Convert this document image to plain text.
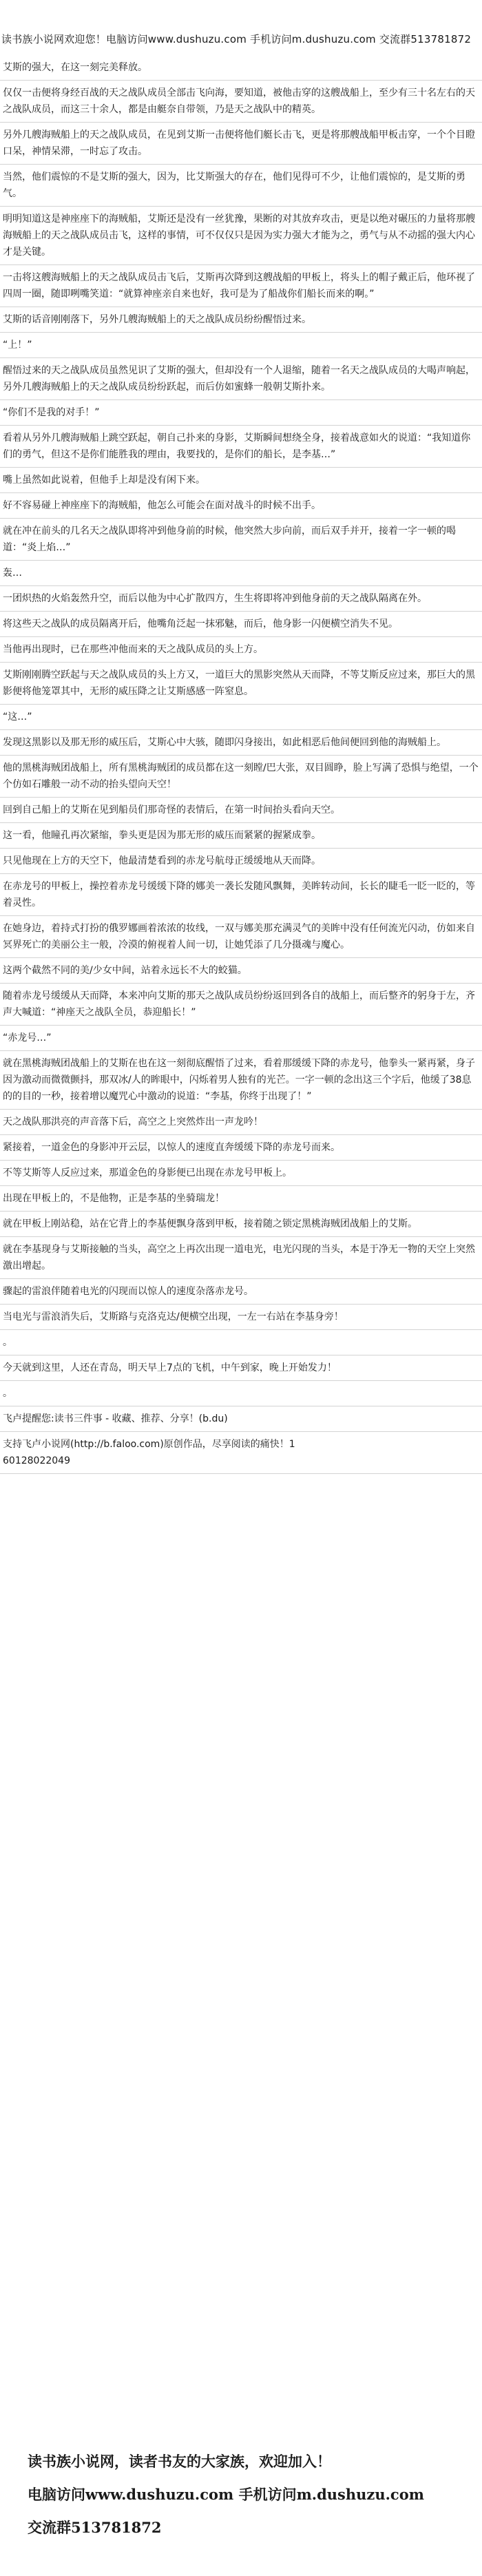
读书族小说网欢迎您！电脑访问www.dushuzu.com 手机访问m.dushuzu.com 交流群513781872
艾斯的强大，在这一刻完美释放。
仅仅一击便将身经百战的天之战队成员全部击飞向海，要知道，被他击穿的这艘战船上，至少有三十名左右的天之战队成员，而这三十余人，都是由艇奈自带领，乃是天之战队中的精英。
另外几艘海贼船上的天之战队成员，在见到艾斯一击便将他们艇长击飞，更是将那艘战船甲板击穿，一个个目瞪口呆，神情呆滞，一时忘了攻击。
当然，他们震惊的不是艾斯的强大，因为，比艾斯强大的存在，他们见得可不少，让他们震惊的，是艾斯的勇气。
明明知道这是神座座下的海贼船，艾斯还是没有一丝犹豫，果断的对其放弃攻击，更是以绝对碾压的力量将那艘海贼船上的天之战队成员击飞，这样的事情，可不仅仅只是因为实力强大才能为之，勇气与从不动摇的强大内心才是关键。
一击将这艘海贼船上的天之战队成员击飞后，艾斯再次降到这艘战船的甲板上，将头上的帽子戴正后，他环视了四周一圈，随即咧嘴笑道：“就算神座亲自来也好，我可是为了船战你们船长而来的啊。”
艾斯的话音刚刚落下，另外几艘海贼船上的天之战队成员纷纷醒悟过来。
“上！”
醒悟过来的天之战队成员虽然见识了艾斯的强大，但却没有一个人退缩，随着一名天之战队成员的大喝声响起，另外几艘海贼船上的天之战队成员纷纷跃起，而后仿如蜜蜂一般朝艾斯扑来。
“你们不是我的对手！”
看着从另外几艘海贼船上跳空跃起，朝自己扑来的身影，艾斯瞬间想绕全身，接着战意如火的说道：“我知道你们的勇气，但这不是你们能胜我的理由，我要找的，是你们的船长，是李基…”
嘴上虽然如此说着，但他手上却是没有闲下来。
好不容易碰上神座座下的海贼船，他怎么可能会在面对战斗的时候不出手。
就在冲在前头的几名天之战队即将冲到他身前的时候，他突然大步向前，而后双手并开，接着一字一顿的喝道：“炎上焰…”
轰…
一团炽热的火焰轰然升空，而后以他为中心扩散四方，生生将即将冲到他身前的天之战队隔离在外。
将这些天之战队的成员隔离开后，他嘴角泛起一抹邪魅，而后，他身影一闪便横空消失不见。
当他再出现时，已在那些冲他而来的天之战队成员的头上方。
艾斯刚刚腾空跃起与天之战队成员的头上方又，一道巨大的黑影突然从天而降，不等艾斯反应过来，那巨大的黑影便将他笼罩其中，无形的威压降之让艾斯感感一阵窒息。
“这…”
发现这黑影以及那无形的威压后，艾斯心中大骇，随即闪身接出，如此相恶后他间便回到他的海贼船上。
他的黑桃海贼团战船上，所有黑桃海贼团的成员都在这一刻瞠/巴大张，双目圆睁，脸上写满了恐惧与绝望，一个个仿如石雕般一动不动的抬头望向天空！
回到自己船上的艾斯在见到船员们那奇怪的表情后，在第一时间抬头看向天空。
这一看，他瞳孔再次紧缩，拳头更是因为那无形的威压而紧紧的握紧成拳。
只见他现在上方的天空下，他最清楚看到的赤龙号航母正缓缓地从天而降。
在赤龙号的甲板上，操控着赤龙号缓缓下降的娜美一袭长发随风飘舞，美眸转动间，长长的睫毛一眨一眨的，等着灵性。
在她身边，着持式打扮的俄罗娜画着浓浓的妆线，一双与娜美那充满灵气的美眸中没有任何流光闪动，仿如来自冥界死亡的美丽公主一般，冷漠的俯视着人间一切，让她凭添了几分摄魂与魔心。
这两个截然不同的美/少女中间，站着永远长不大的蛟猫。
随着赤龙号缓缓从天而降，本来冲向艾斯的那天之战队成员纷纷返回到各自的战船上，而后整齐的躬身于左，齐声大喊道：“神座天之战队全员，恭迎船长！”
“赤龙号…”
就在黑桃海贼团战船上的艾斯在也在这一刻彻底醒悟了过来，看着那缓缓下降的赤龙号，他拳头一紧再紧，身子因为激动而微微颤抖，那双冰/人的眸眼中，闪烁着男人独有的光芒。一字一顿的念出这三个字后，他缓了38息的的目的一秒，接着增以魔咒心中激动的说道：“李基，你终于出现了！”
天之战队那洪亮的声音落下后，高空之上突然炸出一声龙吟！
紧接着，一道金色的身影冲开云层，以惊人的速度直奔缓缓下降的赤龙号而来。
不等艾斯等人反应过来，那道金色的身影便已出现在赤龙号甲板上。
出现在甲板上的，不是他物，正是李基的坐骑瑞龙！
就在甲板上刚站稳，站在它背上的李基便飘身落到甲板，接着随之锁定黑桃海贼团战船上的艾斯。
就在李基现身与艾斯接触的当头，高空之上再次出现一道电光，电光闪现的当头，本是于净无一物的天空上突然激出增起。
骤起的雷浪伴随着电光的闪现而以惊人的速度杂落赤龙号。
当电光与雷浪消失后，艾斯路与克洛克达/便横空出现，一左一右站在李基身旁！
。
今天就到这里，人还在青岛，明天早上7点的飞机，中午到家，晚上开始发力！
。
飞卢提醒您:读书三件事 - 收藏、推荐、分享！(b.du)
支持飞卢小说网(http://b.faloo.com)原创作品，尽享阅读的痛快！1
60128022049
读书族小说网，读者书友的大家族，欢迎加入！
电脑访问www.dushuzu.com 手机访问m.dushuzu.com
交流群513781872
